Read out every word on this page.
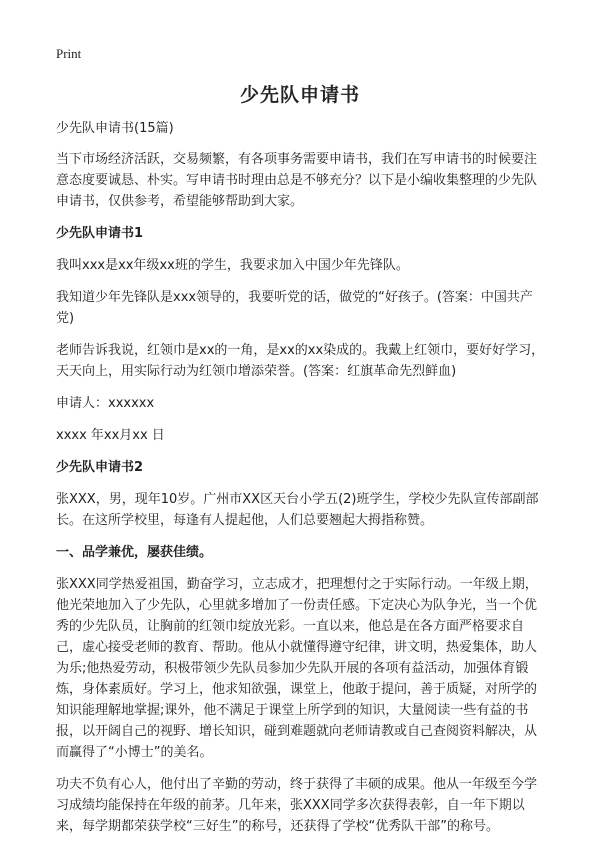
Print
少先队申请书

少先队申请书(15篇)

当下市场经济活跃，交易频繁，有各项事务需要申请书，我们在写申请书的时候要注意态度要诚恳、朴实。写申请书时理由总是不够充分？以下是小编收集整理的少先队申请书，仅供参考，希望能够帮助到大家。

少先队申请书1

我叫xxx是xx年级xx班的学生，我要求加入中国少年先锋队。

我知道少年先锋队是xxx领导的，我要听党的话，做党的“好孩子。(答案：中国共产党)

老师告诉我说，红领巾是xx的一角，是xx的xx染成的。我戴上红领巾，要好好学习，天天向上，用实际行动为红领巾增添荣誉。(答案：红旗革命先烈鲜血)

申请人：xxxxxx

xxxx 年xx月xx 日

少先队申请书2

张XXX，男，现年10岁。广州市XX区天台小学五(2)班学生，学校少先队宣传部副部长。在这所学校里，每逢有人提起他，人们总要翘起大拇指称赞。

一、品学兼优，屡获佳绩。

张XXX同学热爱祖国，勤奋学习，立志成才，把理想付之于实际行动。一年级上期，他光荣地加入了少先队，心里就多增加了一份责任感。下定决心为队争光，当一个优秀的少先队员，让胸前的红领巾绽放光彩。一直以来，他总是在各方面严格要求自己，虚心接受老师的教育、帮助。他从小就懂得遵守纪律，讲文明，热爱集体，助人为乐;他热爱劳动，积极带领少先队员参加少先队开展的各项有益活动，加强体育锻炼，身体素质好。学习上，他求知欲强，课堂上，他敢于提问，善于质疑，对所学的知识能理解地掌握;课外，他不满足于课堂上所学到的知识，大量阅读一些有益的书报，以开阔自己的视野、增长知识，碰到难题就向老师请教或自己查阅资料解决，从而赢得了“小博士”的美名。

功夫不负有心人，他付出了辛勤的劳动，终于获得了丰硕的成果。他从一年级至今学习成绩均能保持在年级的前茅。几年来，张XXX同学多次获得表彰，自一年下期以来，每学期都荣获学校“三好生”的称号，还获得了学校“优秀队干部”的称号。
